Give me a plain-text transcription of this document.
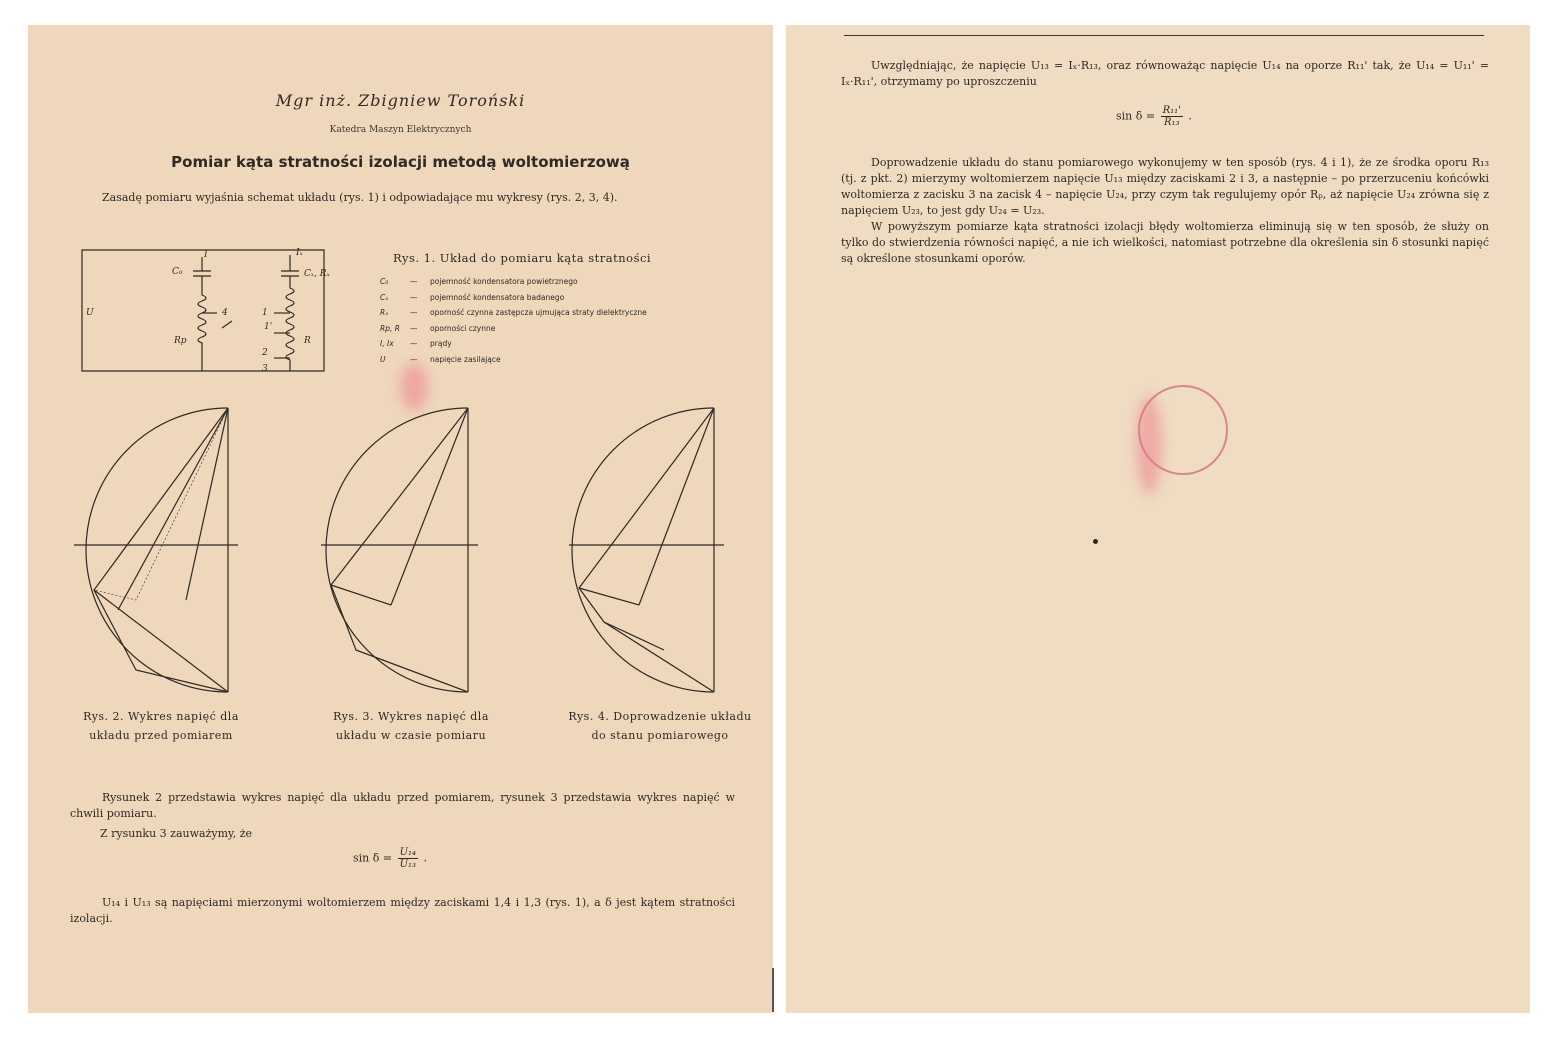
Mgr inż. Zbigniew Toroński

Katedra Maszyn Elektrycznych

Pomiar kąta stratności izolacji metodą woltomierzową

Zasadę pomiaru wyjaśnia schemat układu (rys. 1) i odpowiadające mu wykresy (rys. 2, 3, 4).

C₀
I	Iₓ
Cₓ, Rₓ
4	1
1'
2
3
Rp	R
U

Rys. 1. Układ do pomiaru kąta stratności

C₀	—	pojemność kondensatora powietrznego
Cₓ	—	pojemność kondensatora badanego
Rₓ	—	oporność czynna zastępcza ujmująca straty dielektryczne
Rp, R	—	oporności czynne
I, Ix	—	prądy
U	—	napięcie zasilające

Rys. 2. Wykres napięć dla układu przed pomiarem

Rys. 3. Wykres napięć dla układu w czasie pomiaru

Rys. 4. Doprowadzenie układu do stanu pomiarowego

Rysunek 2 przedstawia wykres napięć dla układu przed pomiarem, rysunek 3 przedstawia wykres napięć w chwili pomiaru.

Z rysunku 3 zauważymy, że

$\sin \delta = \frac{\text{U₁₄}}{\text{U₁₃}}$ .

U₁₄ i U₁₃ są napięciami mierzonymi woltomierzem między zaciskami 1,4 i 1,3 (rys. 1), a δ jest kątem stratności izolacji.

Uwzględniając, że napięcie U₁₃ = Iₓ·R₁₃, oraz równoważąc napięcie U₁₄ na oporze R₁₁' tak, że U₁₄ = U₁₁' = Iₓ·R₁₁', otrzymamy po uproszczeniu

$\sin \delta = \frac{\text{R₁₁'}}{\text{R₁₃}}$ .

Doprowadzenie układu do stanu pomiarowego wykonujemy w ten sposób (rys. 4 i 1), że ze środka oporu R₁₃ (tj. z pkt. 2) mierzymy woltomierzem napięcie U₁₃ między zaciskami 2 i 3, a następnie – po przerzuceniu końcówki woltomierza z zacisku 3 na zacisk 4 – napięcie U₂₄, przy czym tak regulujemy opór Rₚ, aż napięcie U₂₄ zrówna się z napięciem U₂₃, to jest gdy U₂₄ = U₂₃.

W powyższym pomiarze kąta stratności izolacji błędy woltomierza eliminują się w ten sposób, że służy on tylko do stwierdzenia równości napięć, a nie ich wielkości, natomiast potrzebne dla określenia sin δ stosunki napięć są określone stosunkami oporów.
